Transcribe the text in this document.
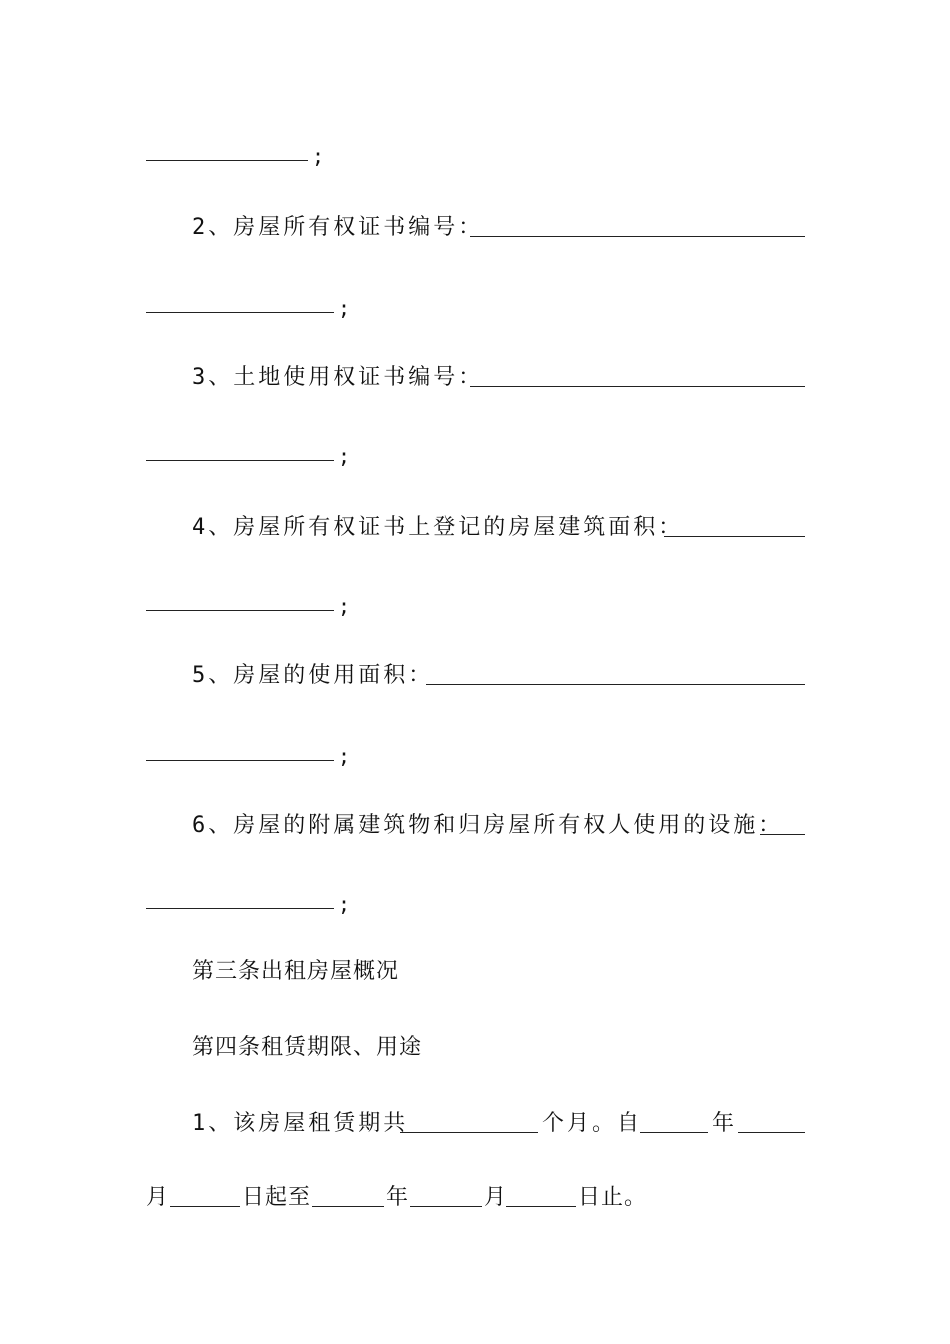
;
2、房屋所有权证书编号：
;
3、土地使用权证书编号：
;
4、房屋所有权证书上登记的房屋建筑面积：
;
5、房屋的使用面积：
;
6、房屋的附属建筑物和归房屋所有权人使用的设施：
;
第三条出租房屋概况
第四条租赁期限、用途
1、该房屋租赁期共	个月。自	年
月	日起至	年	月	日止。
